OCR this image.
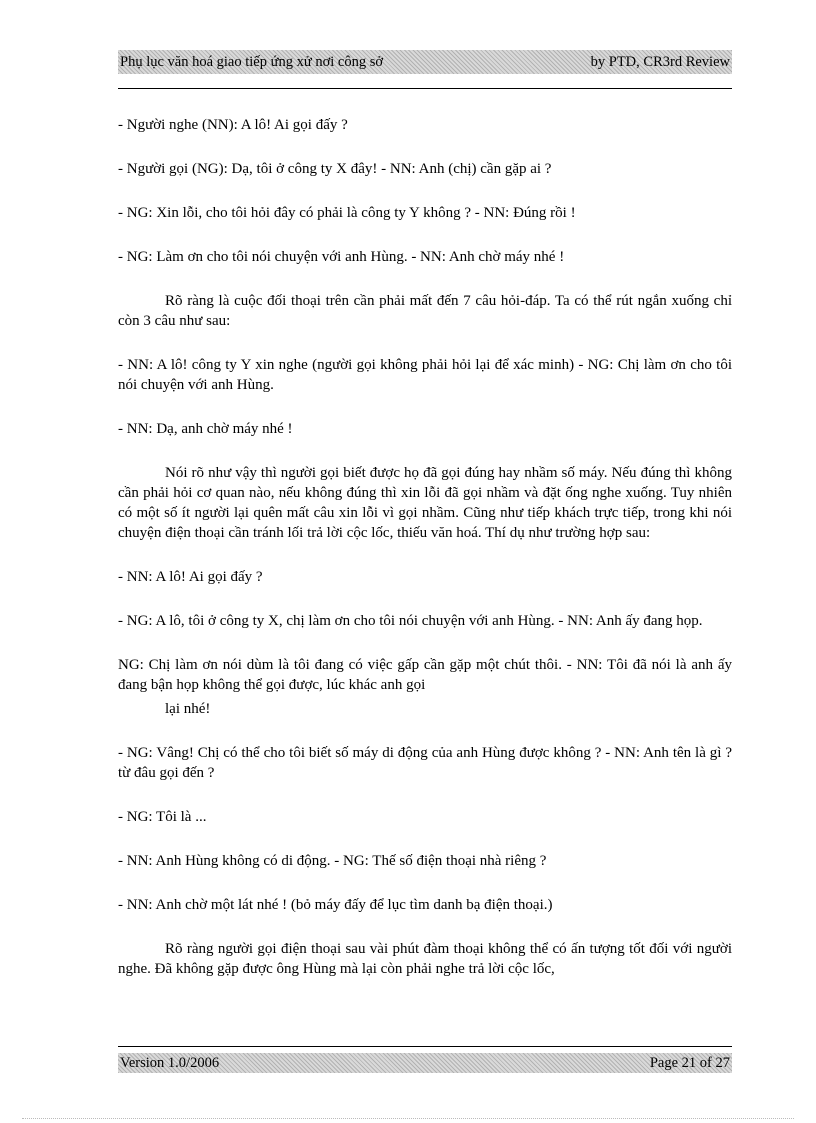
Phụ lục văn hoá giao tiếp ứng xử nơi công sở	by PTD, CR3rd Review

- Người nghe (NN): A lô! Ai gọi đấy ?

- Người gọi (NG): Dạ, tôi ở công ty X đây! - NN: Anh (chị) cần gặp ai ?

- NG: Xin lỗi, cho tôi hỏi đây có phải là công ty Y không ? - NN: Đúng rồi !

- NG: Làm ơn cho tôi nói chuyện với anh Hùng. - NN: Anh chờ máy nhé !

Rõ ràng là cuộc đối thoại trên cần phải mất đến 7 câu hỏi-đáp. Ta có thể rút ngắn xuống chỉ còn 3 câu như sau:

- NN: A lô! công ty Y xin nghe (người gọi không phải hỏi lại để xác minh) - NG: Chị làm ơn cho tôi nói chuyện với anh Hùng.

- NN: Dạ, anh chờ máy nhé !

Nói rõ như vậy thì người gọi biết được họ đã gọi đúng hay nhầm số máy. Nếu đúng thì không cần phải hỏi cơ quan nào, nếu không đúng thì xin lỗi đã gọi nhầm và đặt ống nghe xuống. Tuy nhiên có một số ít người lại quên mất câu xin lỗi vì gọi nhầm. Cũng như tiếp khách trực tiếp, trong khi nói chuyện điện thoại cần tránh lối trả lời cộc lốc, thiếu văn hoá. Thí dụ như trường hợp sau:

- NN: A lô! Ai gọi đấy ?

- NG: A lô, tôi ở công ty X, chị làm ơn cho tôi nói chuyện với anh Hùng. - NN: Anh ấy đang họp.

NG: Chị làm ơn nói dùm là tôi đang có việc gấp cần gặp một chút thôi. - NN: Tôi đã nói là anh ấy đang bận họp không thể gọi được, lúc khác anh gọi

lại nhé!

- NG: Vâng! Chị có thể cho tôi biết số máy di động của anh Hùng được không ? - NN: Anh tên là gì ? từ đâu gọi đến ?

- NG: Tôi là ...

- NN: Anh Hùng không có di động. - NG: Thế số điện thoại nhà riêng ?

- NN: Anh chờ một lát nhé ! (bỏ máy đấy để lục tìm danh bạ điện thoại.)

Rõ ràng người gọi điện thoại sau vài phút đàm thoại không thể có ấn tượng tốt đối với người nghe. Đã không gặp được ông Hùng mà lại còn phải nghe trả lời cộc lốc,

Version 1.0/2006	Page 21 of 27
